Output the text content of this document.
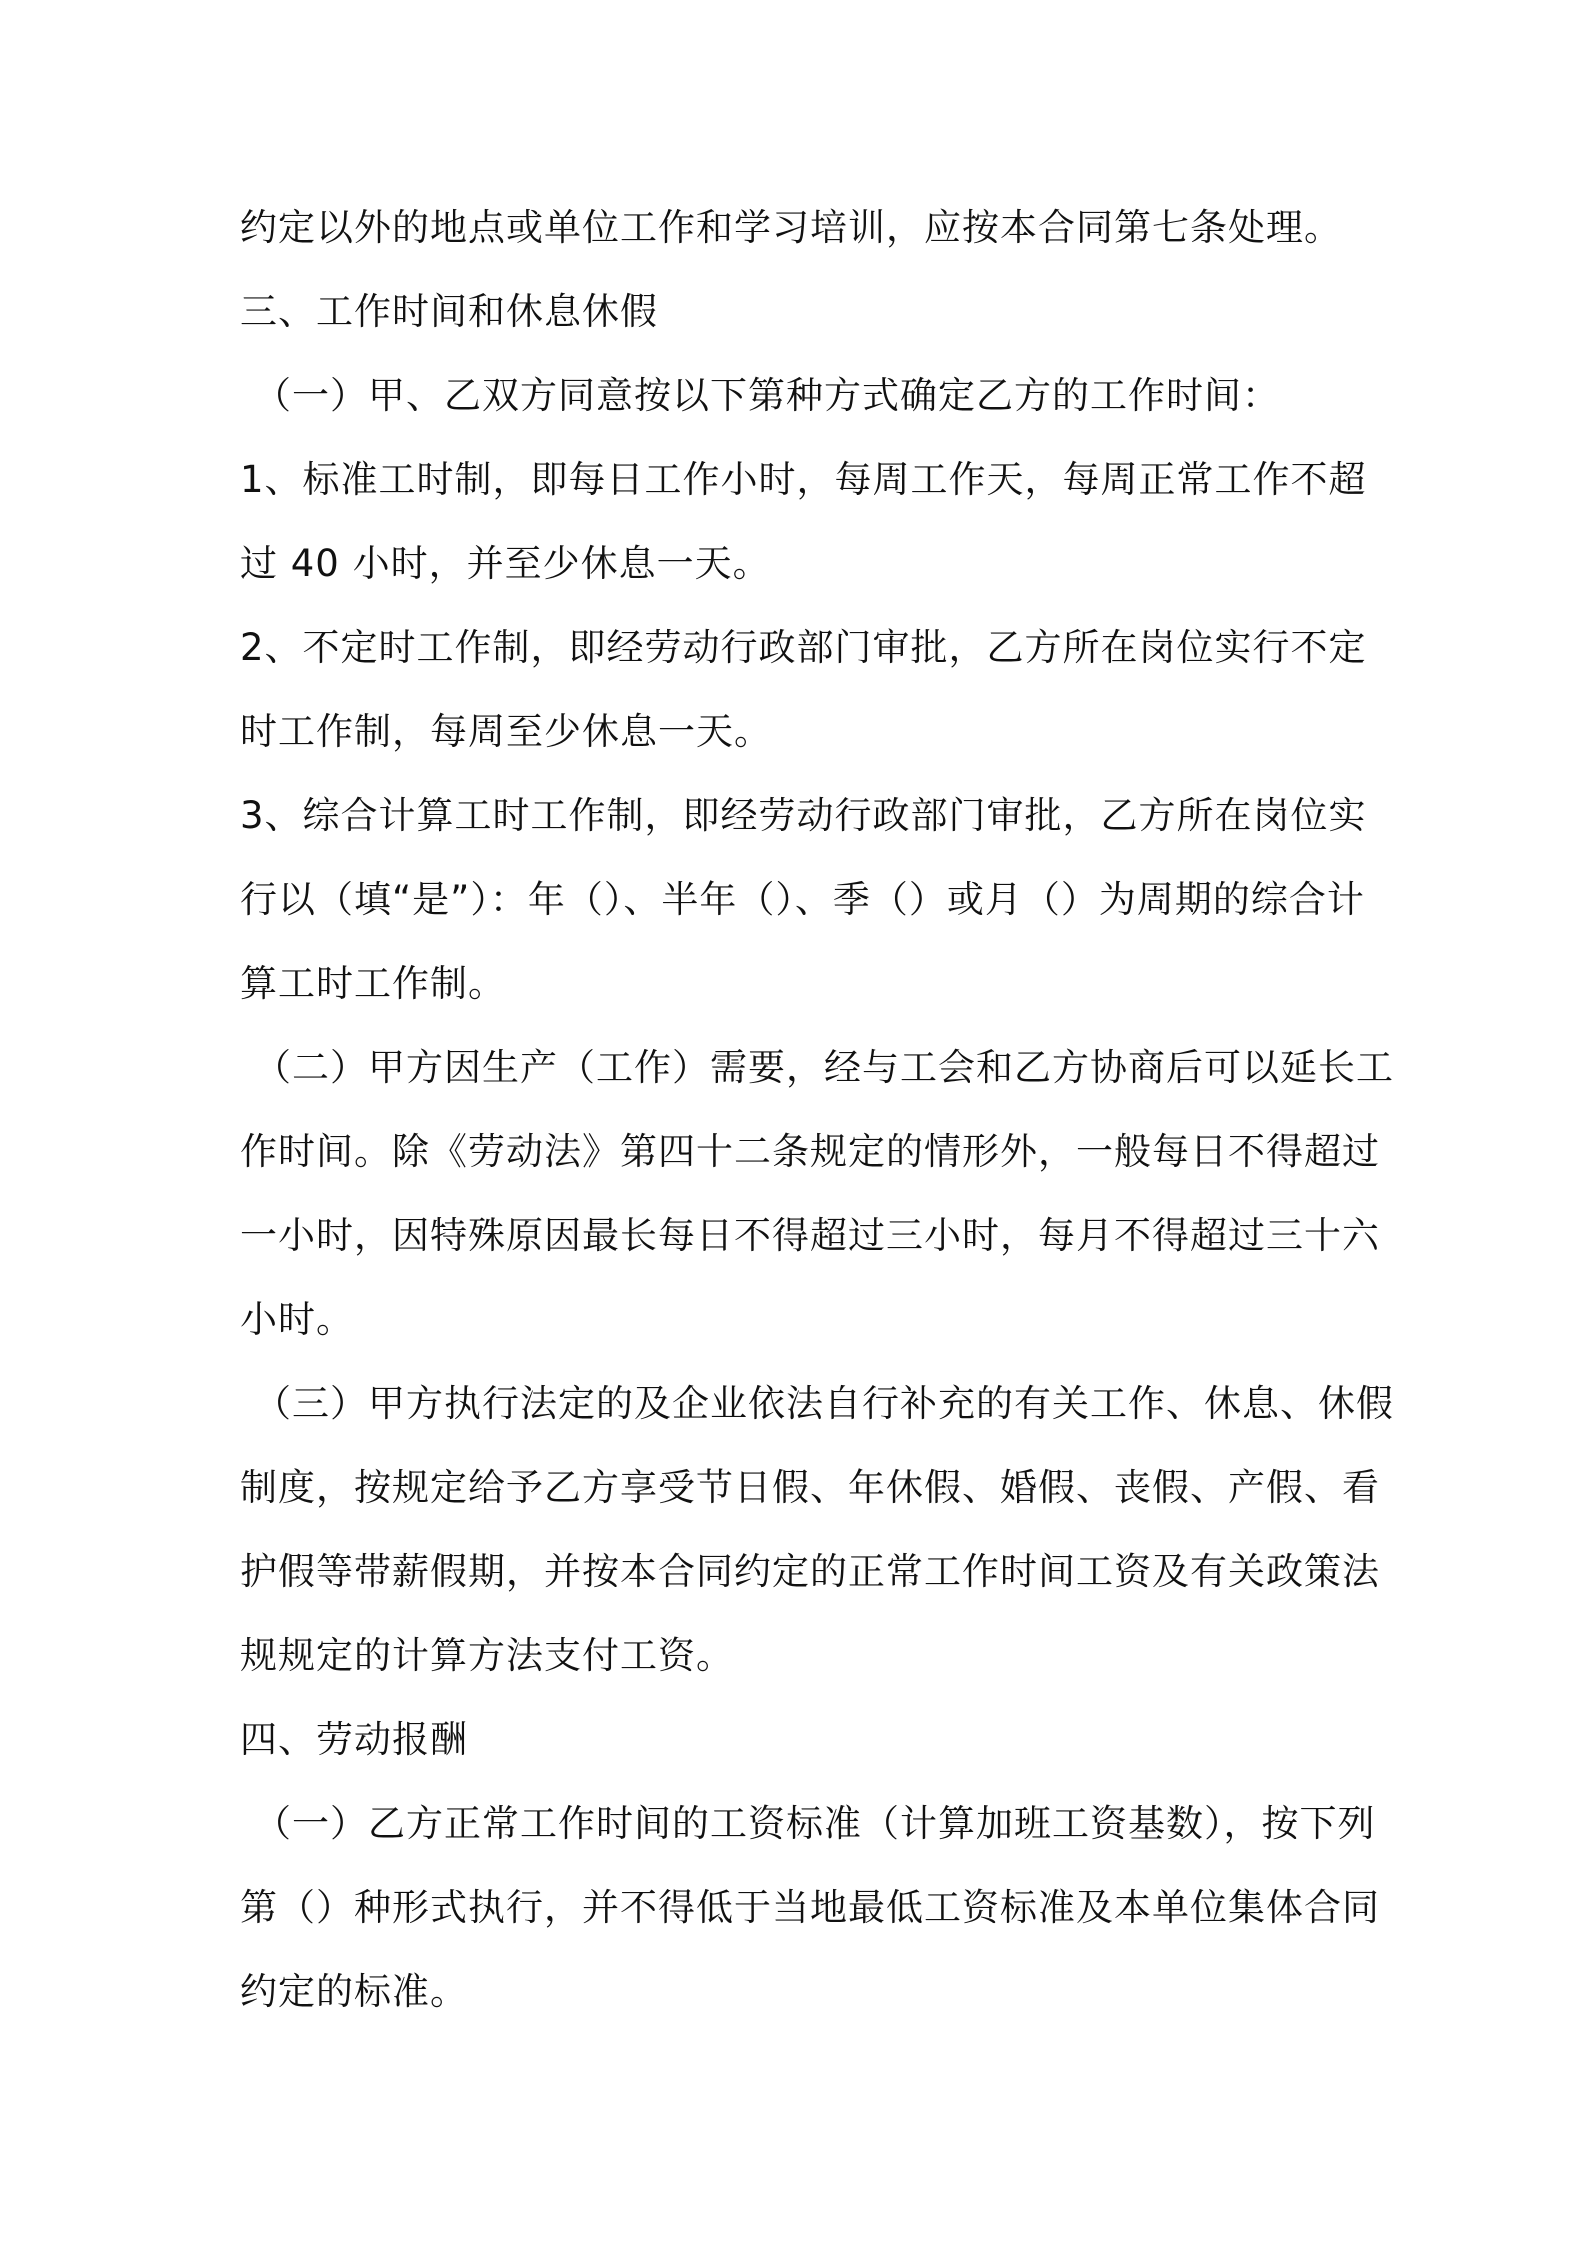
约定以外的地点或单位工作和学习培训，应按本合同第七条处理。
三、工作时间和休息休假
（一）甲、乙双方同意按以下第种方式确定乙方的工作时间：
1、标准工时制，即每日工作小时，每周工作天，每周正常工作不超
过 40 小时，并至少休息一天。
2、不定时工作制，即经劳动行政部门审批，乙方所在岗位实行不定
时工作制，每周至少休息一天。
3、综合计算工时工作制，即经劳动行政部门审批，乙方所在岗位实
行以（填“是”）：年（）、半年（）、季（）或月（）为周期的综合计
算工时工作制。
（二）甲方因生产（工作）需要，经与工会和乙方协商后可以延长工
作时间。除《劳动法》第四十二条规定的情形外，一般每日不得超过
一小时，因特殊原因最长每日不得超过三小时，每月不得超过三十六
小时。
（三）甲方执行法定的及企业依法自行补充的有关工作、休息、休假
制度，按规定给予乙方享受节日假、年休假、婚假、丧假、产假、看
护假等带薪假期，并按本合同约定的正常工作时间工资及有关政策法
规规定的计算方法支付工资。
四、劳动报酬
（一）乙方正常工作时间的工资标准（计算加班工资基数），按下列
第（）种形式执行，并不得低于当地最低工资标准及本单位集体合同
约定的标准。
